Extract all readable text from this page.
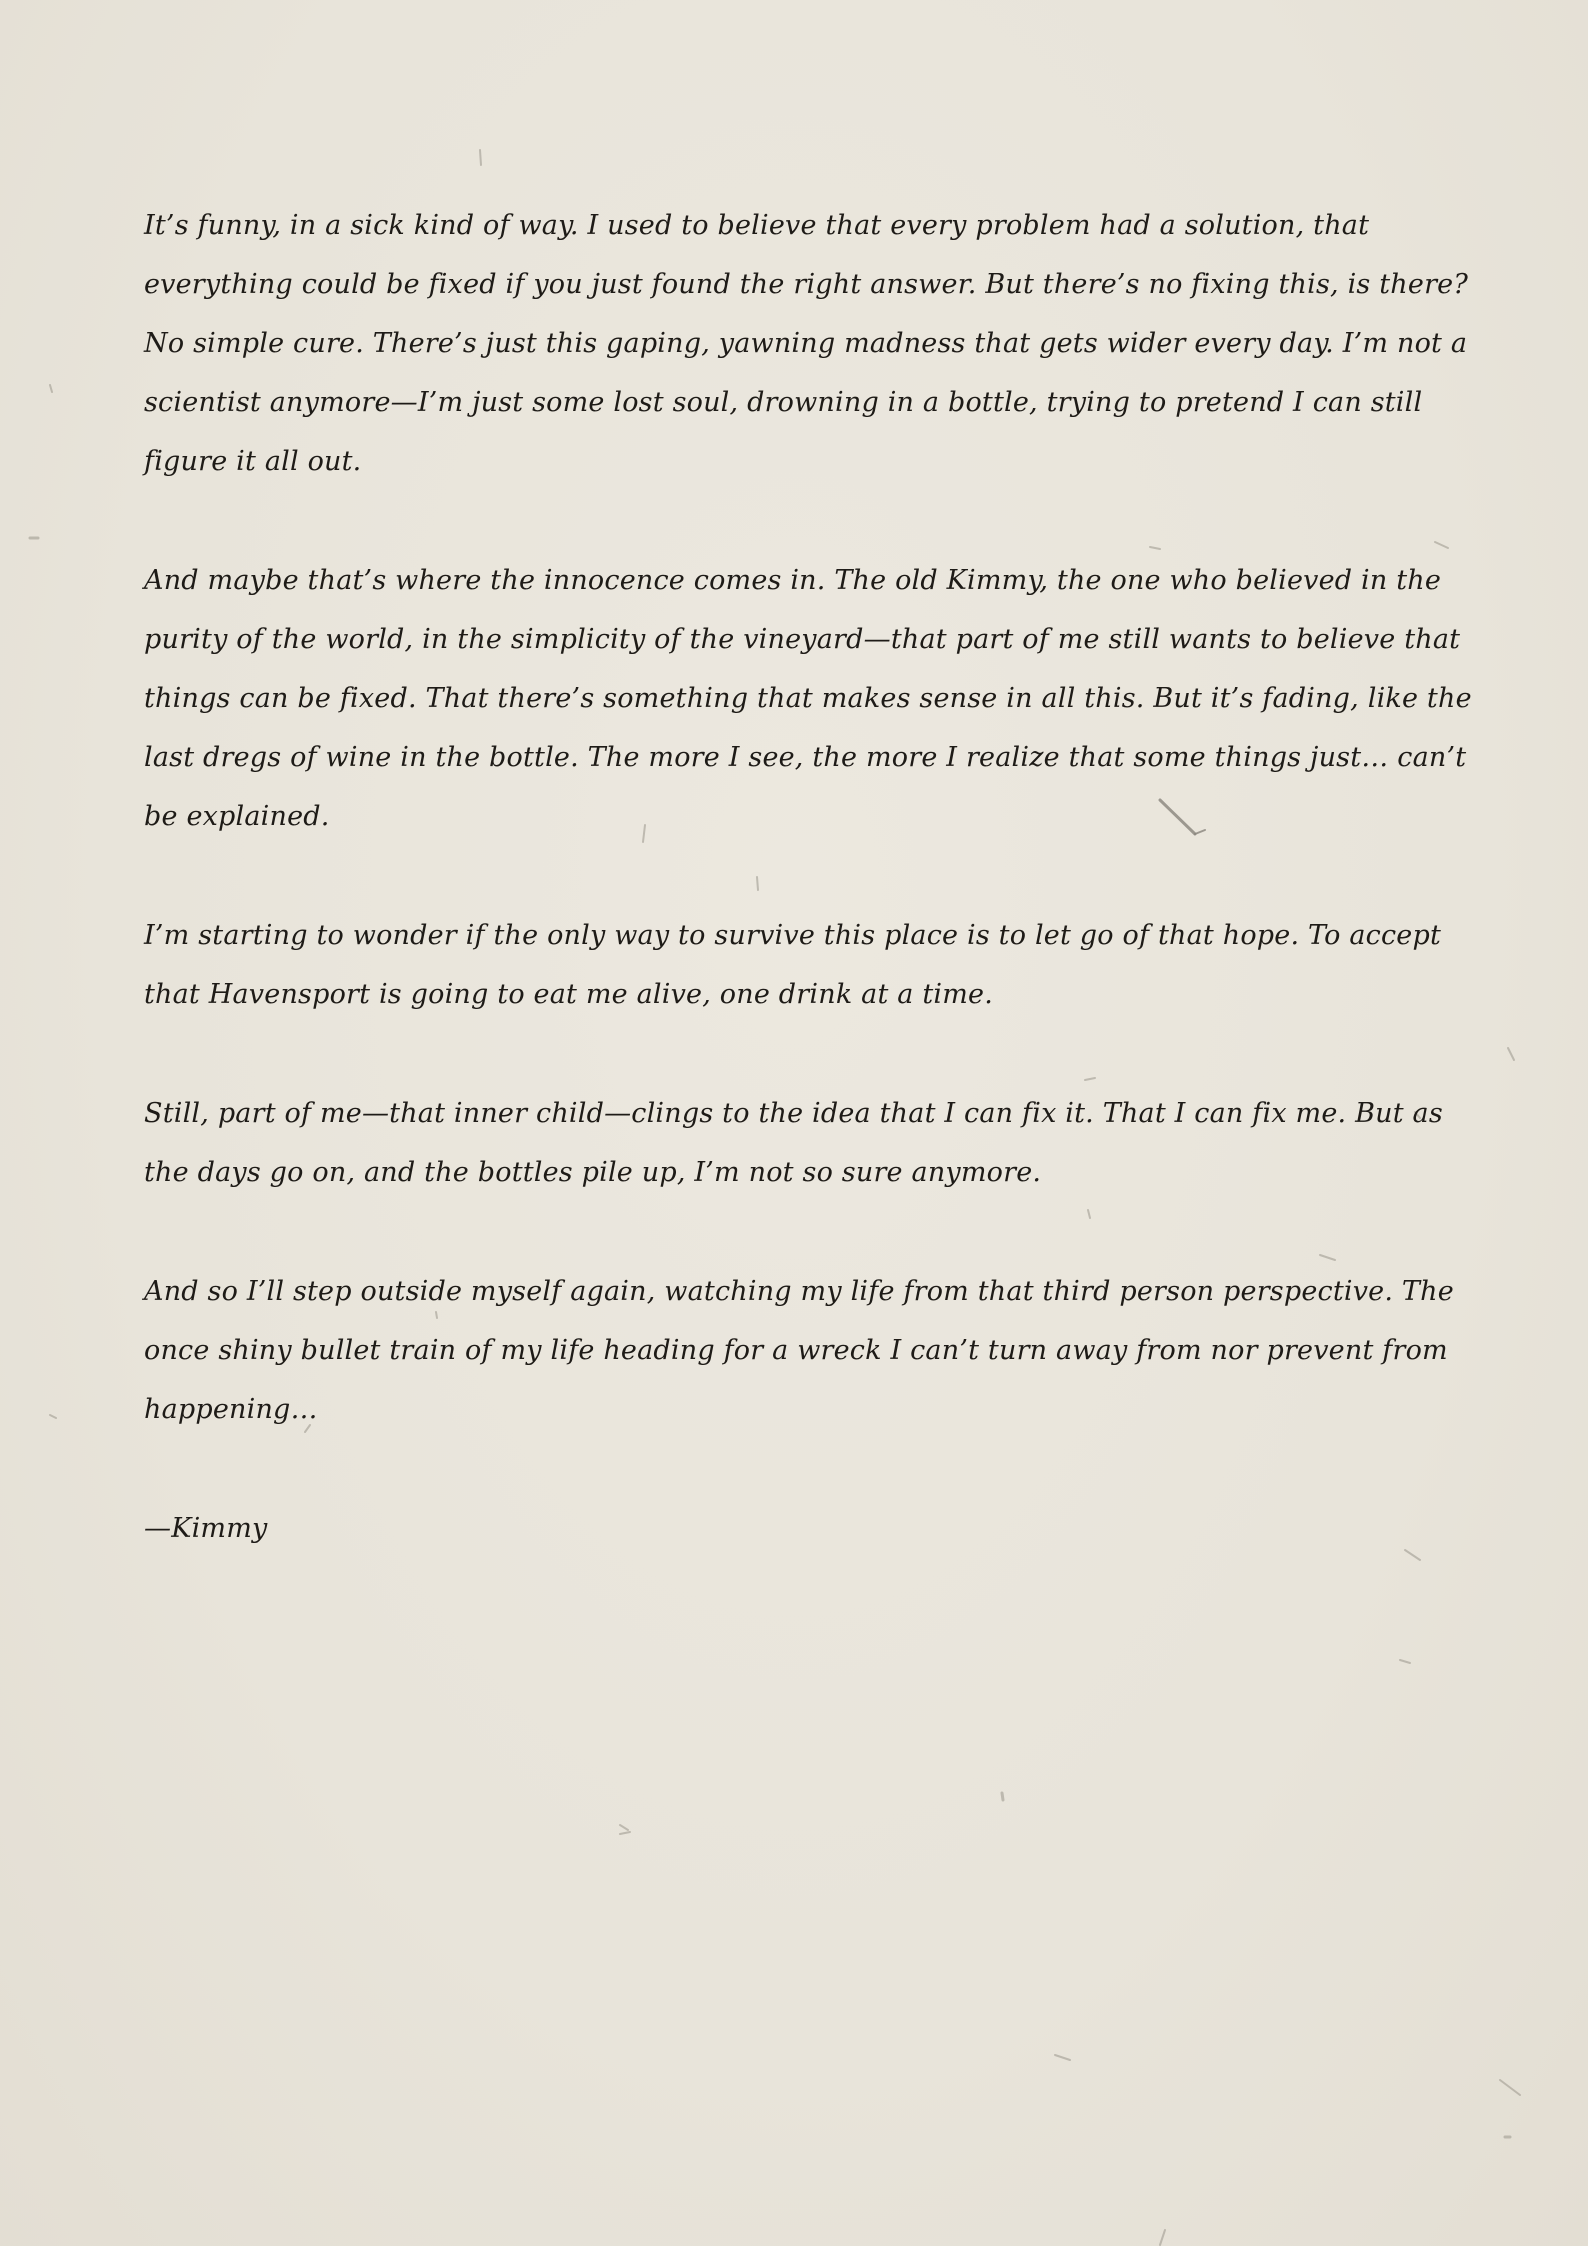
It’s funny, in a sick kind of way. I used to believe that every problem had a solution, that everything could be fixed if you just found the right answer. But there’s no fixing this, is there? No simple cure. There’s just this gaping, yawning madness that gets wider every day. I’m not a scientist anymore—I’m just some lost soul, drowning in a bottle, trying to pretend I can still figure it all out.

And maybe that’s where the innocence comes in. The old Kimmy, the one who believed in the purity of the world, in the simplicity of the vineyard—that part of me still wants to believe that things can be fixed. That there’s something that makes sense in all this. But it’s fading, like the last dregs of wine in the bottle. The more I see, the more I realize that some things just… can’t be explained.

I’m starting to wonder if the only way to survive this place is to let go of that hope. To accept that Havensport is going to eat me alive, one drink at a time.

Still, part of me—that inner child—clings to the idea that I can fix it. That I can fix me. But as the days go on, and the bottles pile up, I’m not so sure anymore.

And so I’ll step outside myself again, watching my life from that third person perspective. The once shiny bullet train of my life heading for a wreck I can’t turn away from nor prevent from happening…

—Kimmy
